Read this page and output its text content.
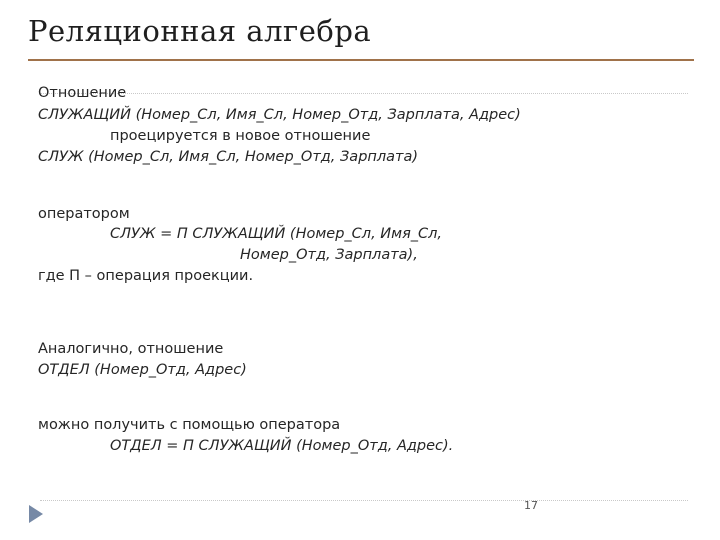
Реляционная алгебра
Отношение
СЛУЖАЩИЙ (Номер_Сл, Имя_Сл, Номер_Отд, Зарплата, Адрес)
проецируется в новое отношение
СЛУЖ (Номер_Сл, Имя_Сл, Номер_Отд, Зарплата)
оператором
СЛУЖ = П СЛУЖАЩИЙ (Номер_Сл, Имя_Сл,
Номер_Отд, Зарплата),
где П – операция проекции.
Аналогично, отношение
ОТДЕЛ (Номер_Отд, Адрес)
можно получить с помощью оператора
ОТДЕЛ = П СЛУЖАЩИЙ (Номер_Отд, Адрес).
17
